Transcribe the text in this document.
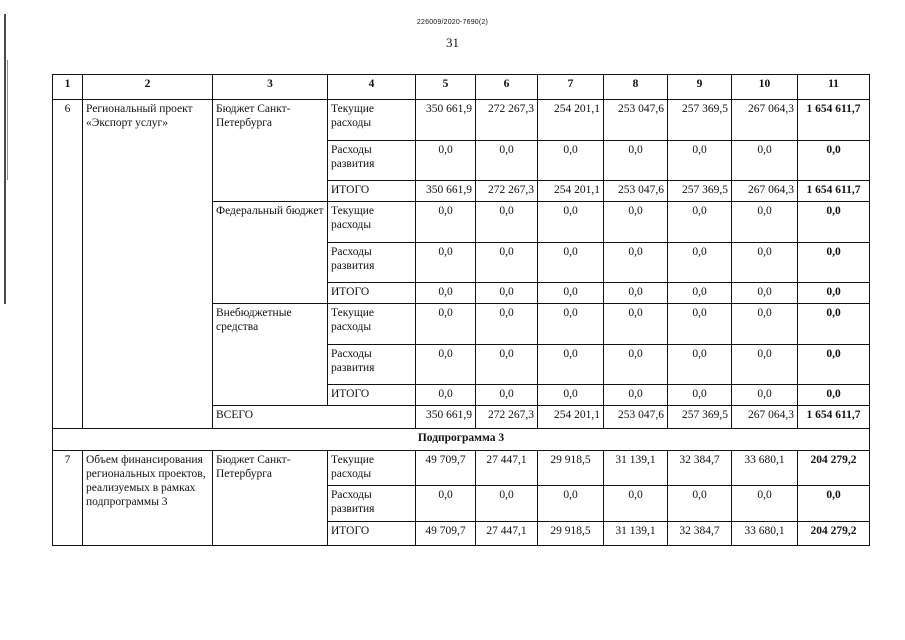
226009/2020-7690(2)
31
1	2	3	4	5	6	7	8	9	10	11
6	Региональный проект «Экспорт услуг»	Бюджет Санкт-Петербурга	Текущие расходы	350 661,9	272 267,3	254 201,1	253 047,6	257 369,5	267 064,3	1 654 611,7
			Расходы развития	0,0	0,0	0,0	0,0	0,0	0,0	0,0
			ИТОГО	350 661,9	272 267,3	254 201,1	253 047,6	257 369,5	267 064,3	1 654 611,7
		Федеральный бюджет	Текущие расходы	0,0	0,0	0,0	0,0	0,0	0,0	0,0
			Расходы развития	0,0	0,0	0,0	0,0	0,0	0,0	0,0
			ИТОГО	0,0	0,0	0,0	0,0	0,0	0,0	0,0
		Внебюджетные средства	Текущие расходы	0,0	0,0	0,0	0,0	0,0	0,0	0,0
			Расходы развития	0,0	0,0	0,0	0,0	0,0	0,0	0,0
			ИТОГО	0,0	0,0	0,0	0,0	0,0	0,0	0,0
		ВСЕГО		350 661,9	272 267,3	254 201,1	253 047,6	257 369,5	267 064,3	1 654 611,7
Подпрограмма 3										
7	Объем финансирования региональных проектов, реализуемых в рамках подпрограммы 3	Бюджет Санкт-Петербурга	Текущие расходы	49 709,7	27 447,1	29 918,5	31 139,1	32 384,7	33 680,1	204 279,2
			Расходы развития	0,0	0,0	0,0	0,0	0,0	0,0	0,0
			ИТОГО	49 709,7	27 447,1	29 918,5	31 139,1	32 384,7	33 680,1	204 279,2
